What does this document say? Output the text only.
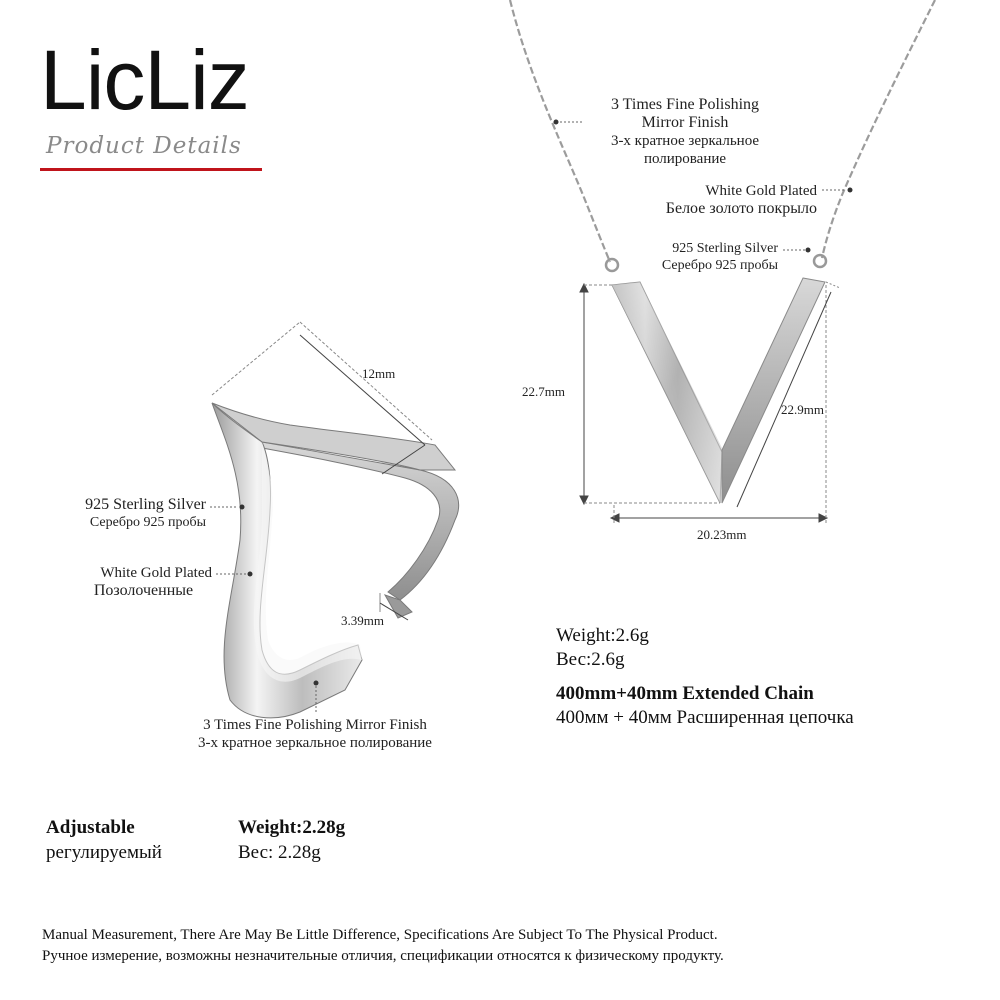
LicLiz
Product Details
3 Times Fine Polishing
Mirror Finish
3-х кратное зеркальное
полирование
White Gold Plated
Белое золото покрыло
925 Sterling Silver
Серебро 925 пробы
22.7mm
22.9mm
20.23mm
Weight:2.6g
Вес:2.6g
400mm+40mm Extended Chain
400мм + 40мм Расширенная цепочка
12mm
3.39mm
925 Sterling Silver
Серебро 925 пробы
White Gold Plated
Позолоченные
3 Times Fine Polishing Mirror Finish
3-х кратное зеркальное полирование
Adjustable
регулируемый
Weight:2.28g
Вес: 2.28g
Manual Measurement, There Are May Be Little Difference, Specifications Are Subject To The Physical Product.
Ручное измерение, возможны незначительные отличия, спецификации относятся к физическому продукту.
